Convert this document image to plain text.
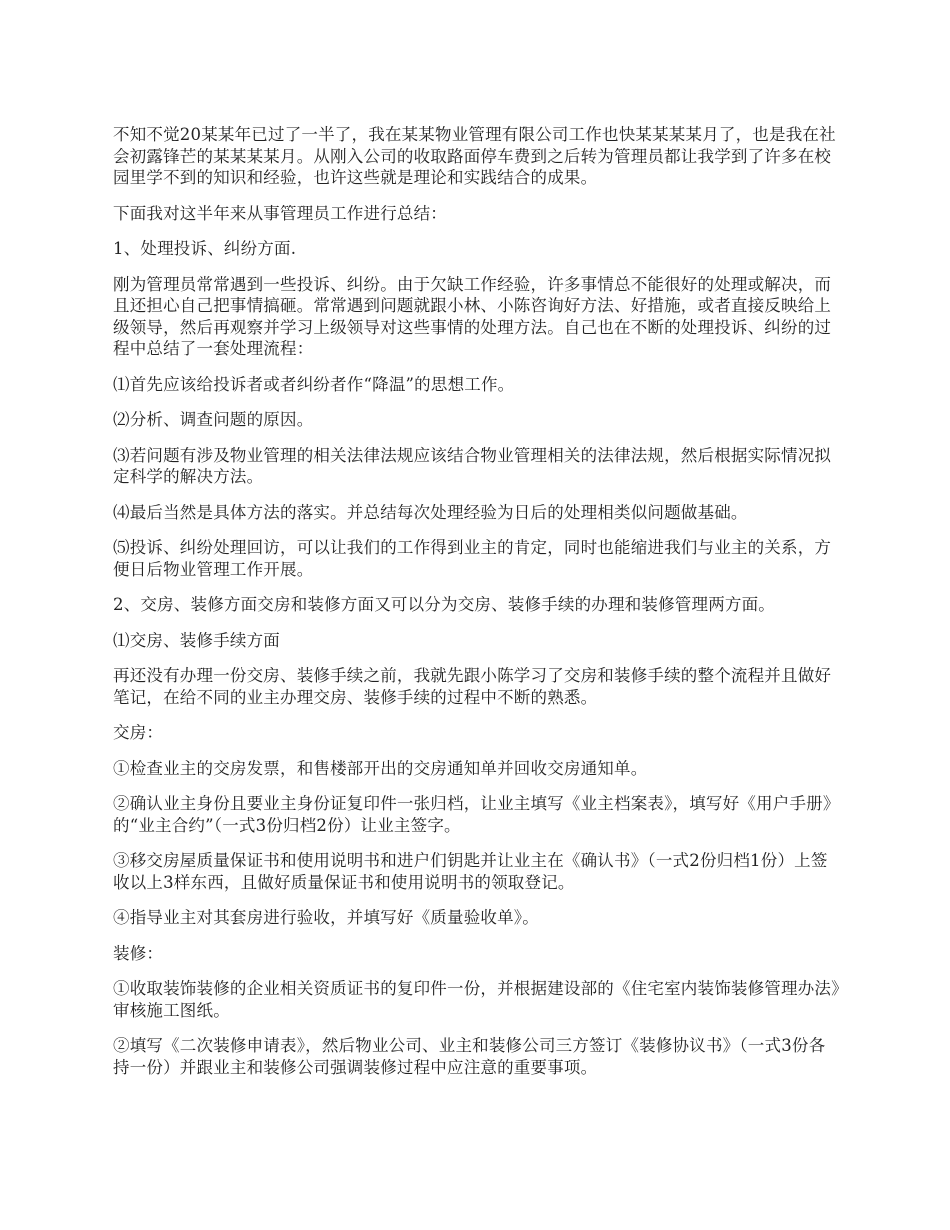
不知不觉20某某年已过了一半了，我在某某物业管理有限公司工作也快某某某某月了，也是我在社会初露锋芒的某某某某月。从刚入公司的收取路面停车费到之后转为管理员都让我学到了许多在校园里学不到的知识和经验，也许这些就是理论和实践结合的成果。

下面我对这半年来从事管理员工作进行总结：

1、处理投诉、纠纷方面.

刚为管理员常常遇到一些投诉、纠纷。由于欠缺工作经验，许多事情总不能很好的处理或解决，而且还担心自己把事情搞砸。常常遇到问题就跟小林、小陈咨询好方法、好措施，或者直接反映给上级领导，然后再观察并学习上级领导对这些事情的处理方法。自己也在不断的处理投诉、纠纷的过程中总结了一套处理流程：

⑴首先应该给投诉者或者纠纷者作“降温”的思想工作。

⑵分析、调查问题的原因。

⑶若问题有涉及物业管理的相关法律法规应该结合物业管理相关的法律法规，然后根据实际情况拟定科学的解决方法。

⑷最后当然是具体方法的落实。并总结每次处理经验为日后的处理相类似问题做基础。

⑸投诉、纠纷处理回访，可以让我们的工作得到业主的肯定，同时也能缩进我们与业主的关系，方便日后物业管理工作开展。

2、交房、装修方面交房和装修方面又可以分为交房、装修手续的办理和装修管理两方面。

⑴交房、装修手续方面

再还没有办理一份交房、装修手续之前，我就先跟小陈学习了交房和装修手续的整个流程并且做好笔记，在给不同的业主办理交房、装修手续的过程中不断的熟悉。

交房：

①检查业主的交房发票，和售楼部开出的交房通知单并回收交房通知单。

②确认业主身份且要业主身份证复印件一张归档，让业主填写《业主档案表》，填写好《用户手册》的“业主合约”（一式3份归档2份）让业主签字。

③移交房屋质量保证书和使用说明书和进户们钥匙并让业主在《确认书》（一式2份归档1份）上签收以上3样东西，且做好质量保证书和使用说明书的领取登记。

④指导业主对其套房进行验收，并填写好《质量验收单》。

装修：

①收取装饰装修的企业相关资质证书的复印件一份，并根据建设部的《住宅室内装饰装修管理办法》审核施工图纸。

②填写《二次装修申请表》，然后物业公司、业主和装修公司三方签订《装修协议书》（一式3份各持一份）并跟业主和装修公司强调装修过程中应注意的重要事项。
